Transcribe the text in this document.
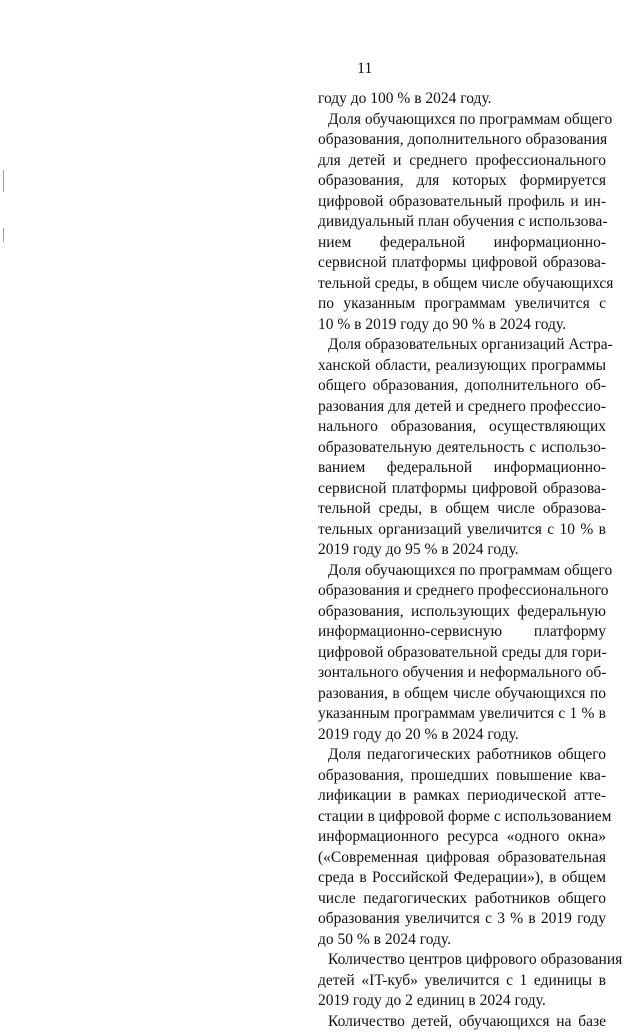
11
году до 100 % в 2024 году.
Доля обучающихся по программам общего
образования, дополнительного образования
для детей и среднего профессионального
образования, для которых формируется
цифровой образовательный профиль и ин-
дивидуальный план обучения с использова-
нием федеральной информационно-
сервисной платформы цифровой образова-
тельной среды, в общем числе обучающихся
по указанным программам увеличится с
10 % в 2019 году до 90 % в 2024 году.
Доля образовательных организаций Астра-
ханской области, реализующих программы
общего образования, дополнительного об-
разования для детей и среднего профессио-
нального образования, осуществляющих
образовательную деятельность с использо-
ванием федеральной информационно-
сервисной платформы цифровой образова-
тельной среды, в общем числе образова-
тельных организаций увеличится с 10 % в
2019 году до 95 % в 2024 году.
Доля обучающихся по программам общего
образования и среднего профессионального
образования, использующих федеральную
информационно-сервисную платформу
цифровой образовательной среды для гори-
зонтального обучения и неформального об-
разования, в общем числе обучающихся по
указанным программам увеличится с 1 % в
2019 году до 20 % в 2024 году.
Доля педагогических работников общего
образования, прошедших повышение ква-
лификации в рамках периодической атте-
стации в цифровой форме с использованием
информационного ресурса «одного окна»
(«Современная цифровая образовательная
среда в Российской Федерации»), в общем
числе педагогических работников общего
образования увеличится с 3 % в 2019 году
до 50 % в 2024 году.
Количество центров цифрового образования
детей «IT-куб» увеличится с 1 единицы в
2019 году до 2 единиц в 2024 году.
Количество детей, обучающихся на базе
